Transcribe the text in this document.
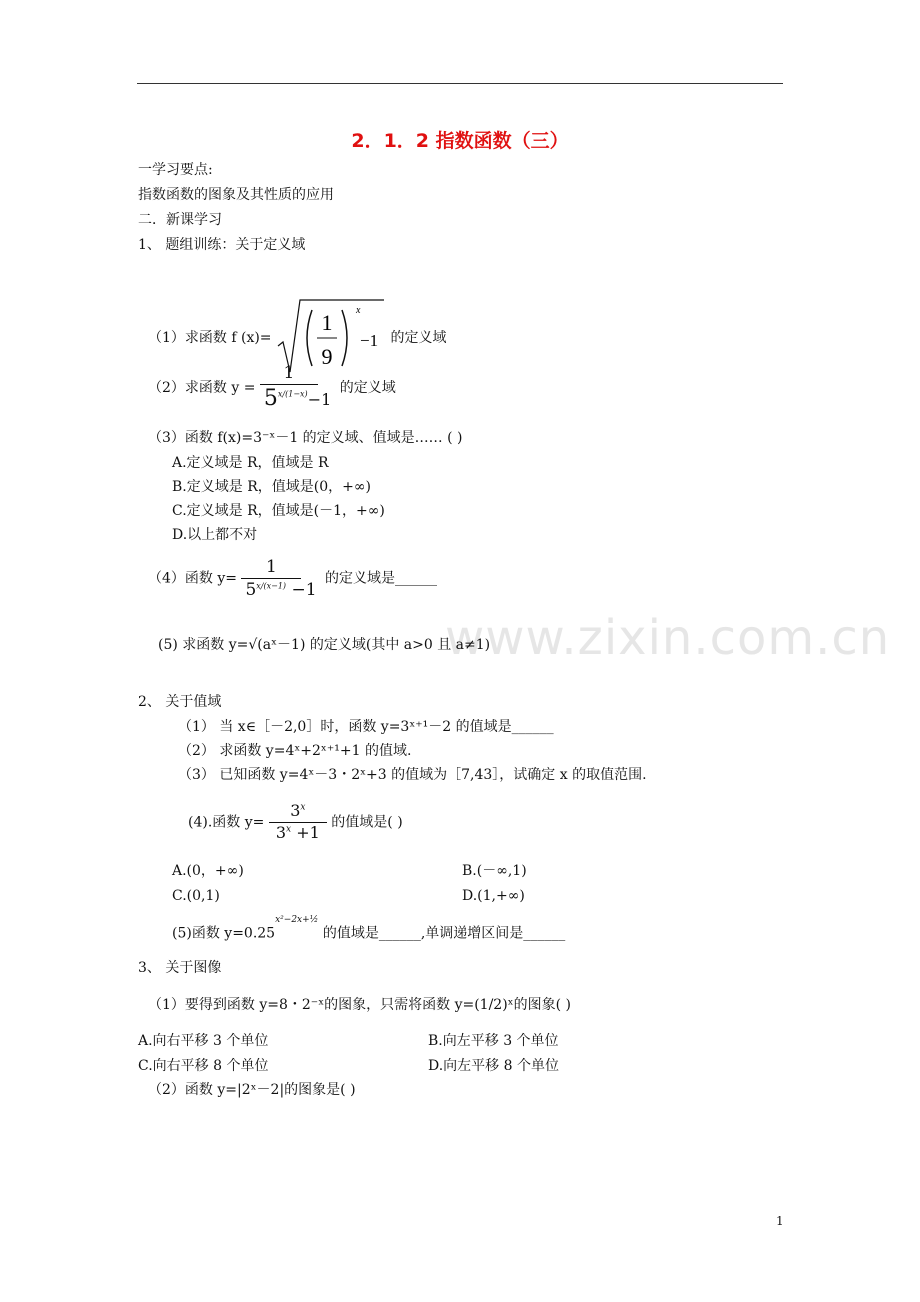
www.zixin.com.cn
2．1．2 指数函数（三）
一学习要点:
指数函数的图象及其性质的应用
二．新课学习
1、 题组训练：关于定义域
（1）求函数 f (x)=
1
9
x
−1 的定义域
（2）求函数 $y = \frac{1}{5^{x/(1-x)}-1}$ 的定义域
（3）函数 f(x)=3⁻ˣ－1 的定义域、值域是…… ( )
A.定义域是 R，值域是 R
B.定义域是 R，值域是(0，+∞)
C.定义域是 R，值域是(－1，+∞)
D.以上都不对
（4）函数 $y= \frac{1}{5^{x/(x-1)} -1}$ 的定义域是______
(5) 求函数 y=√(aˣ－1) 的定义域(其中 a>0 且 a≠1)
2、 关于值域
（1） 当 x∈［－2,0］时，函数 y=3ˣ⁺¹－2 的值域是______
（2） 求函数 y=4ˣ+2ˣ⁺¹+1 的值域.
（3） 已知函数 y=4ˣ－3・2ˣ+3 的值域为［7,43］，试确定 x 的取值范围.
(4).函数 $y= \frac{3^x}{3^x +1}$ 的值域是( )
A.(0，+∞)	B.(－∞,1)
C.(0,1)	D.(1,+∞)
(5)函数 $y=0.25^{x^2-2x+\frac{1}{2}}$ 的值域是______,单调递增区间是______
3、 关于图像
（1）要得到函数 y=8・2⁻ˣ的图象，只需将函数 y=(1/2)ˣ的图象( )
A.向右平移 3 个单位	B.向左平移 3 个单位
C.向右平移 8 个单位	D.向左平移 8 个单位
（2）函数 y=|2ˣ－2|的图象是( )
1
